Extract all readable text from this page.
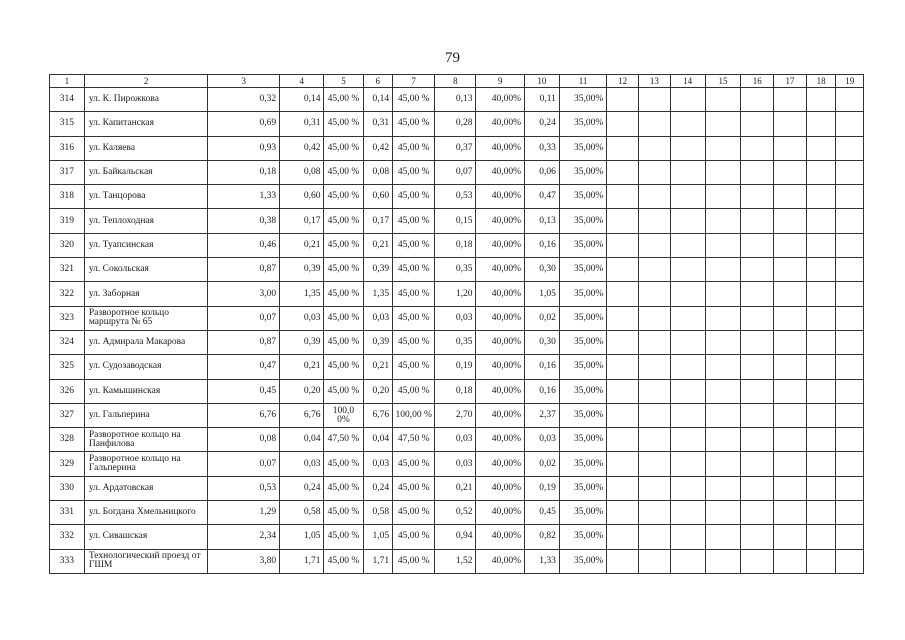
79
1	2	3	4	5	6	7	8	9	10	11	12	13	14	15	16	17	18	19
314	ул. К. Пирожкова	0,32	0,14	45,00 %	0,14	45,00 %	0,13	40,00%	0,11	35,00%								
315	ул. Капитанская	0,69	0,31	45,00 %	0,31	45,00 %	0,28	40,00%	0,24	35,00%								
316	ул. Каляева	0,93	0,42	45,00 %	0,42	45,00 %	0,37	40,00%	0,33	35,00%								
317	ул. Байкальская	0,18	0,08	45,00 %	0,08	45,00 %	0,07	40,00%	0,06	35,00%								
318	ул. Танцорова	1,33	0,60	45,00 %	0,60	45,00 %	0,53	40,00%	0,47	35,00%								
319	ул. Теплоходная	0,38	0,17	45,00 %	0,17	45,00 %	0,15	40,00%	0,13	35,00%								
320	ул. Туапсинская	0,46	0,21	45,00 %	0,21	45,00 %	0,18	40,00%	0,16	35,00%								
321	ул. Сокольская	0,87	0,39	45,00 %	0,39	45,00 %	0,35	40,00%	0,30	35,00%								
322	ул. Заборная	3,00	1,35	45,00 %	1,35	45,00 %	1,20	40,00%	1,05	35,00%								
323	Разворотное кольцо маршрута № 65	0,07	0,03	45,00 %	0,03	45,00 %	0,03	40,00%	0,02	35,00%								
324	ул. Адмирала Макарова	0,87	0,39	45,00 %	0,39	45,00 %	0,35	40,00%	0,30	35,00%								
325	ул. Судозаводская	0,47	0,21	45,00 %	0,21	45,00 %	0,19	40,00%	0,16	35,00%								
326	ул. Камышинская	0,45	0,20	45,00 %	0,20	45,00 %	0,18	40,00%	0,16	35,00%								
327	ул. Гальперина	6,76	6,76	100,0 0%	6,76	100,00 %	2,70	40,00%	2,37	35,00%								
328	Разворотное кольцо на Панфилова	0,08	0,04	47,50 %	0,04	47,50 %	0,03	40,00%	0,03	35,00%								
329	Разворотное кольцо на Гальперина	0,07	0,03	45,00 %	0,03	45,00 %	0,03	40,00%	0,02	35,00%								
330	ул. Ардатовская	0,53	0,24	45,00 %	0,24	45,00 %	0,21	40,00%	0,19	35,00%								
331	ул. Богдана Хмельницкого	1,29	0,58	45,00 %	0,58	45,00 %	0,52	40,00%	0,45	35,00%								
332	ул. Сивашская	2,34	1,05	45,00 %	1,05	45,00 %	0,94	40,00%	0,82	35,00%								
333	Технологический проезд от ГШМ	3,80	1,71	45,00 %	1,71	45,00 %	1,52	40,00%	1,33	35,00%								
